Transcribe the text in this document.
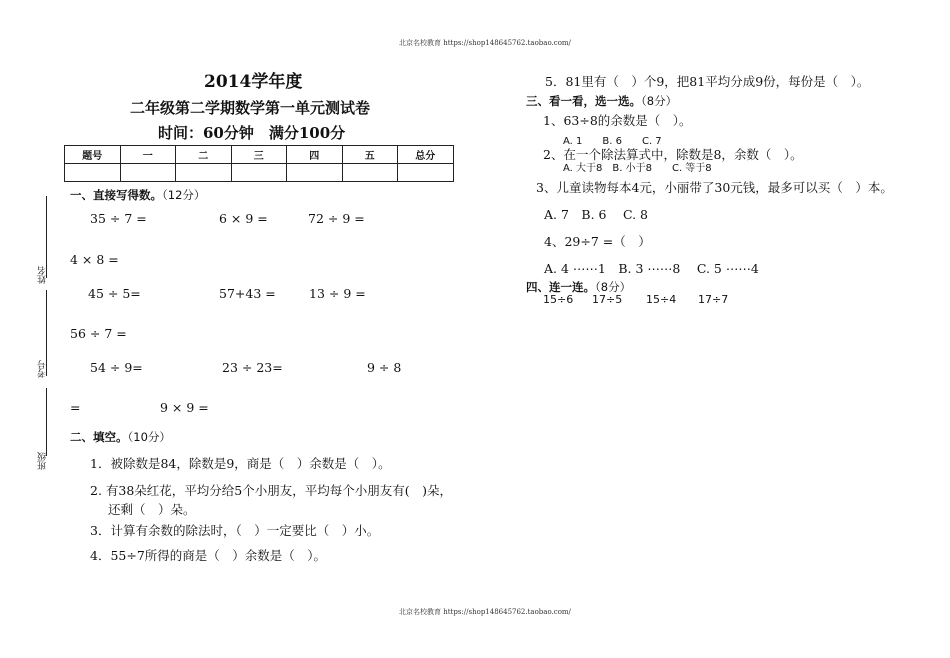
北京名校教育 https://shop148645762.taobao.com/
北京名校教育 https://shop148645762.taobao.com/
姓名
考号
班级
2014学年度
二年级第二学期数学第一单元测试卷
时间：60分钟　满分100分
题号	一	二	三	四	五	总分

一、直接写得数。（12分）
35 ÷ 7 =	6 × 9 =	72 ÷ 9 =
4 × 8 =
45 ÷ 5=	57+43 =	13 ÷ 9 =
56 ÷ 7 =
54 ÷ 9=	23 ÷ 23=	9 ÷ 8
=	9 × 9 =
二、填空。（10分）
1．被除数是84，除数是9，商是（　）余数是（　）。
2. 有38朵红花，平均分给5个小朋友，平均每个小朋友有(　)朵，
还剩（　）朵。
3．计算有余数的除法时，（　）一定要比（　）小。
4．55÷7所得的商是（　）余数是（　）。
5．81里有（　）个9，把81平均分成9份，每份是（　）。
三、看一看，选一选。（8分）
1、63÷8的余数是（　）。
A. 1　　B. 6　　C. 7
2、在一个除法算式中，除数是8，余数（　）。
A. 大于8　B. 小于8　　C. 等于8
3、儿童读物每本4元，小丽带了30元钱，最多可以买（　）本。
A. 7　B. 6　 C. 8
4、29÷7 =（　）
A. 4 ⋯⋯1　B. 3 ⋯⋯8　 C. 5 ⋯⋯4
四、连一连。（8分）
15÷6 17÷5 15÷4 17÷7
